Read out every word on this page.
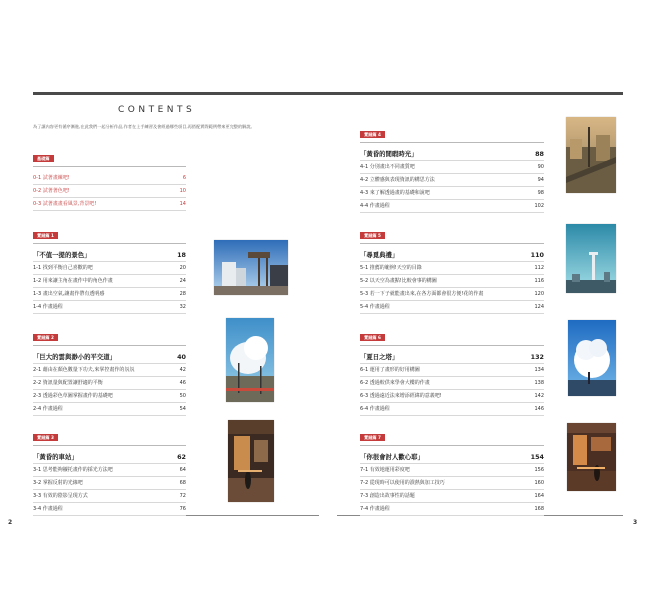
2	3
CONTENTS
為了讓內容更有循序漸進,在此我們一起分析作品,作者在上手練習及會經過哪些項目,再搭配實際範例帶來更完整的解說。
基礎篇
0-1 試著畫練吧!	6
0-2 試著著色吧!	10
0-3 試著畫畫看風景,背景吧!	14
實踐篇 1
「不值一提的景色」	18
1-1 找到平衡自己喜歡的吧	20
1-2 用來讓主角在畫作中的角色作畫	24
1-3 畫出空氣,讓畫作帶有透明感	28
1-4 作畫過程	32
實踐篇 2
「巨大的雲與渺小的平交道」	40
2-1 藉由在顏色數量下功夫,來掌控畫作的氛氛	42
2-2 資訊量與配置讓舒適的平衡	46
2-3 透過彩色草圖掌握畫作的基礎吧	50
2-4 作畫過程	54
實踐篇 3
「黃昏的車站」	62
3-1 思考能夠襯托畫作的採光方法吧	64
3-2 掌握反射的光線吧	68
3-3 有效的陰影呈現方式	72
3-4 作畫過程	76
實踐篇 4
「黃昏的閒暇時光」	88
4-1 分別畫出不同畫質吧	90
4-2 立體感與表現資訊的構思方法	94
4-3 來了解透過畫的基礎和說吧	98
4-4 作畫過程	102
實踐篇 5
「尋覓典禮」	110
5-1 推薦的範例!天空的目錄	112
5-2 以天空為畫點!比較會事的構圖	116
5-3 若一下子就能畫出來,在各方面都會很方便!花的作畫	120
5-4 作畫過程	124
實踐篇 6
「夏日之塔」	132
6-1 運用了畫形的好用構圖	134
6-2 透過較供來學會大樓的作畫	138
6-3 透過遠近法來增添經緯的意義吧!	142
6-4 作畫過程	146
實踐篇 7
「你很會討人歡心耶」	154
7-1 有效地運用彩度吧	156
7-2 從現時可以使用的潰熱與加工技巧	160
7-3 創造出故事性的話題	164
7-4 作畫過程	168
